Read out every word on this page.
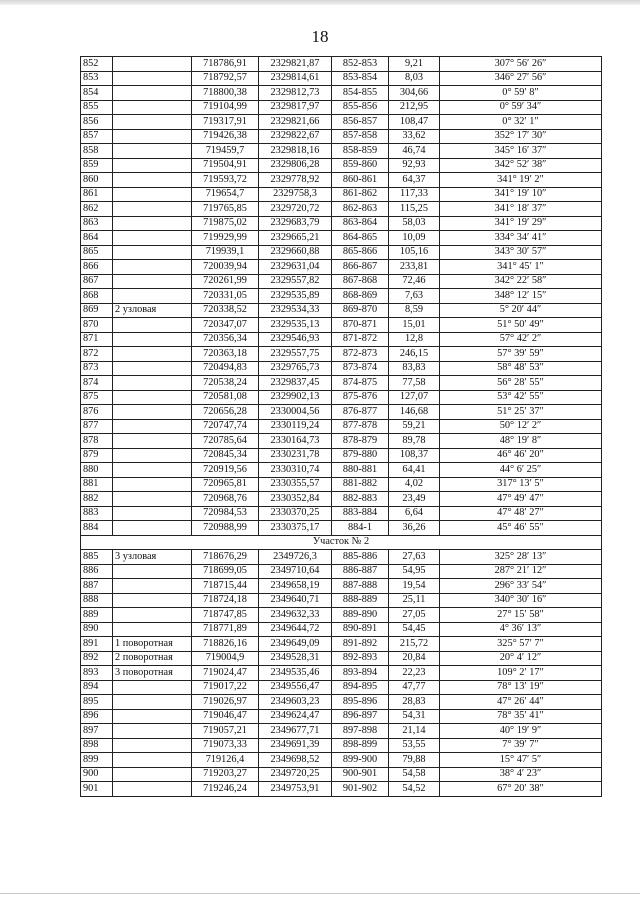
18
852		718786,91	2329821,87	852-853	9,21	307° 56′ 26″
853		718792,57	2329814,61	853-854	8,03	346° 27′ 56″
854		718800,38	2329812,73	854-855	304,66	0° 59′ 8″
855		719104,99	2329817,97	855-856	212,95	0° 59′ 34″
856		719317,91	2329821,66	856-857	108,47	0° 32′ 1″
857		719426,38	2329822,67	857-858	33,62	352° 17′ 30″
858		719459,7	2329818,16	858-859	46,74	345° 16′ 37″
859		719504,91	2329806,28	859-860	92,93	342° 52′ 38″
860		719593,72	2329778,92	860-861	64,37	341° 19′ 2″
861		719654,7	2329758,3	861-862	117,33	341° 19′ 10″
862		719765,85	2329720,72	862-863	115,25	341° 18′ 37″
863		719875,02	2329683,79	863-864	58,03	341° 19′ 29″
864		719929,99	2329665,21	864-865	10,09	334° 34′ 41″
865		719939,1	2329660,88	865-866	105,16	343° 30′ 57″
866		720039,94	2329631,04	866-867	233,81	341° 45′ 1″
867		720261,99	2329557,82	867-868	72,46	342° 22′ 58″
868		720331,05	2329535,89	868-869	7,63	348° 12′ 15″
869	2 узловая	720338,52	2329534,33	869-870	8,59	5° 20′ 44″
870		720347,07	2329535,13	870-871	15,01	51° 50′ 49″
871		720356,34	2329546,93	871-872	12,8	57° 42′ 2″
872		720363,18	2329557,75	872-873	246,15	57° 39′ 59″
873		720494,83	2329765,73	873-874	83,83	58° 48′ 53″
874		720538,24	2329837,45	874-875	77,58	56° 28′ 55″
875		720581,08	2329902,13	875-876	127,07	53° 42′ 55″
876		720656,28	2330004,56	876-877	146,68	51° 25′ 37″
877		720747,74	2330119,24	877-878	59,21	50° 12′ 2″
878		720785,64	2330164,73	878-879	89,78	48° 19′ 8″
879		720845,34	2330231,78	879-880	108,37	46° 46′ 20″
880		720919,56	2330310,74	880-881	64,41	44° 6′ 25″
881		720965,81	2330355,57	881-882	4,02	317° 13′ 5″
882		720968,76	2330352,84	882-883	23,49	47° 49′ 47″
883		720984,53	2330370,25	883-884	6,64	47° 48′ 27″
884		720988,99	2330375,17	884-1	36,26	45° 46′ 55″
Участок № 2						
885	3 узловая	718676,29	2349726,3	885-886	27,63	325° 28′ 13″
886		718699,05	2349710,64	886-887	54,95	287° 21′ 12″
887		718715,44	2349658,19	887-888	19,54	296° 33′ 54″
888		718724,18	2349640,71	888-889	25,11	340° 30′ 16″
889		718747,85	2349632,33	889-890	27,05	27° 15′ 58″
890		718771,89	2349644,72	890-891	54,45	4° 36′ 13″
891	1 поворотная	718826,16	2349649,09	891-892	215,72	325° 57′ 7″
892	2 поворотная	719004,9	2349528,31	892-893	20,84	20° 4′ 12″
893	3 поворотная	719024,47	2349535,46	893-894	22,23	109° 2′ 17″
894		719017,22	2349556,47	894-895	47,77	78° 13′ 19″
895		719026,97	2349603,23	895-896	28,83	47° 26′ 44″
896		719046,47	2349624,47	896-897	54,31	78° 35′ 41″
897		719057,21	2349677,71	897-898	21,14	40° 19′ 9″
898		719073,33	2349691,39	898-899	53,55	7° 39′ 7″
899		719126,4	2349698,52	899-900	79,88	15° 47′ 5″
900		719203,27	2349720,25	900-901	54,58	38° 4′ 23″
901		719246,24	2349753,91	901-902	54,52	67° 20′ 38″
